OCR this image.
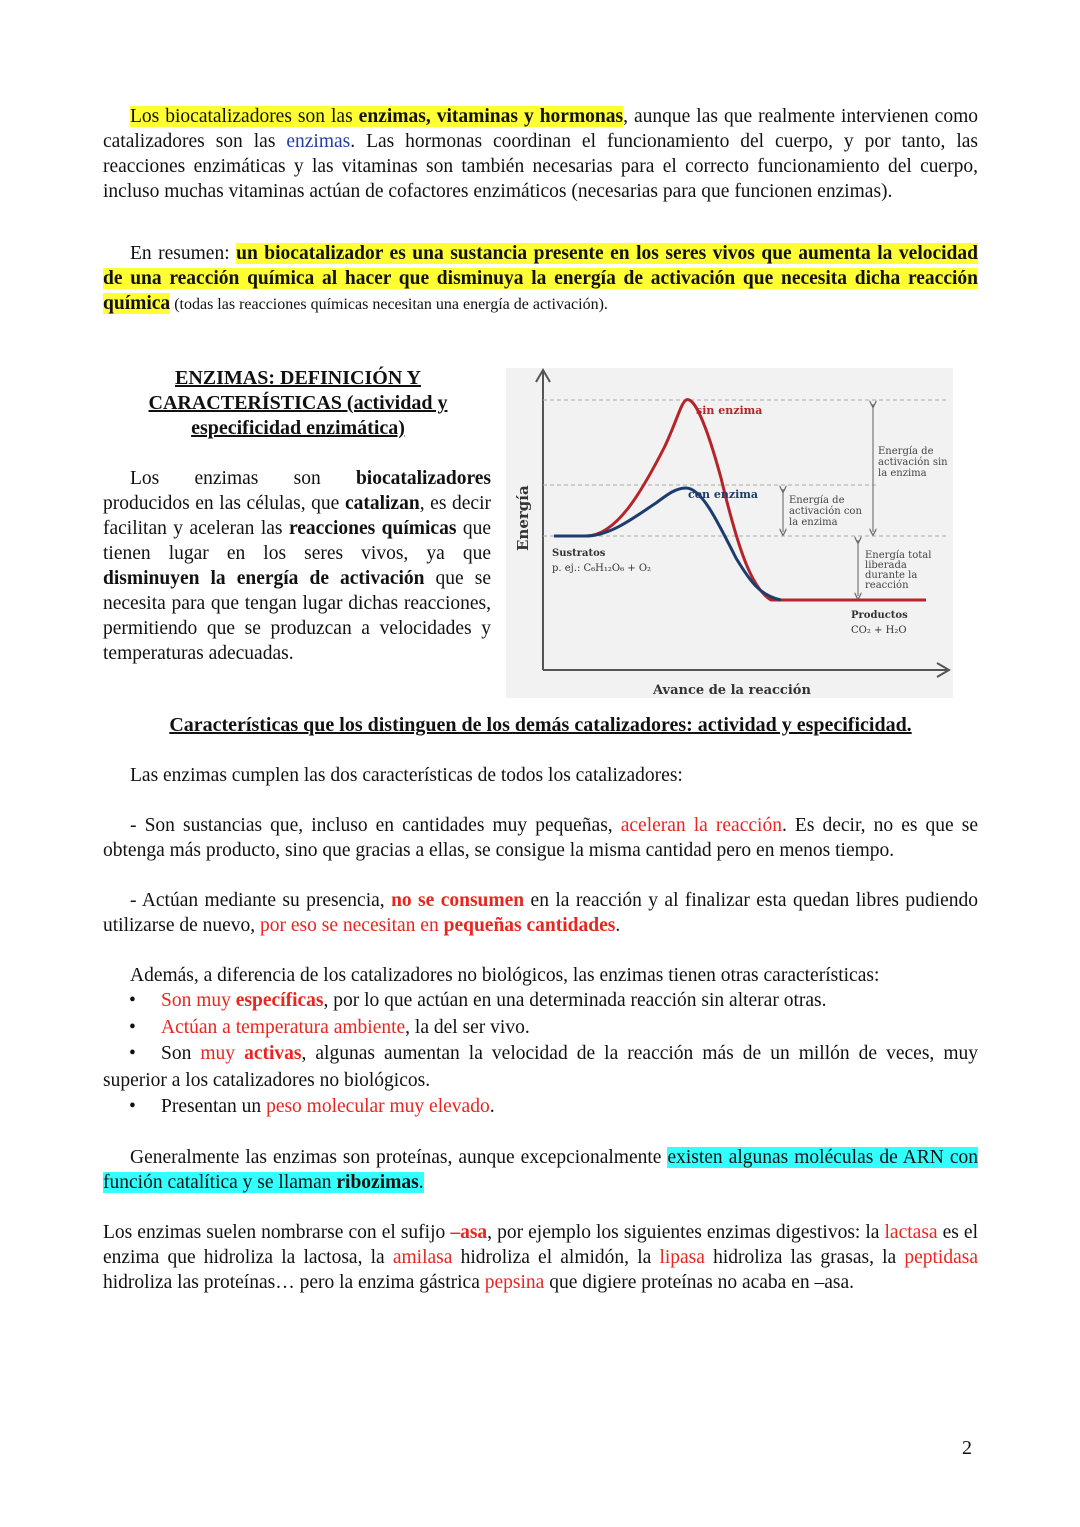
Los biocatalizadores son las enzimas, vitaminas y hormonas, aunque las que realmente intervienen como catalizadores son las enzimas. Las hormonas coordinan el funcionamiento del cuerpo, y por tanto, las reacciones enzimáticas y las vitaminas son también necesarias para el correcto funcionamiento del cuerpo, incluso muchas vitaminas actúan de cofactores enzimáticos (necesarias para que funcionen enzimas).

En resumen: un biocatalizador es una sustancia presente en los seres vivos que aumenta la velocidad de una reacción química al hacer que disminuya la energía de activación que necesita dicha reacción química (todas las reacciones químicas necesitan una energía de activación).

ENZIMAS: DEFINICIÓN Y
CARACTERÍSTICAS (actividad y
especificidad enzimática)

Los enzimas son biocatalizadores producidos en las células, que catalizan, es decir facilitan y aceleran las reacciones químicas que tienen lugar en los seres vivos, ya que disminuyen la energía de activación que se necesita para que tengan lugar dichas reacciones, permitiendo que se produzcan a velocidades y temperaturas adecuadas.

Energía
Avance de la reacción
sin enzima
con enzima
Sustratos
p. ej.: C₆H₁₂O₆ + O₂
Productos
CO₂ + H₂O
Energía de
activación sin
la enzima
Energía de
activación con
la enzima
Energía total
liberada
durante la
reacción

Características que los distinguen de los demás catalizadores: actividad y especificidad.

Las enzimas cumplen las dos características de todos los catalizadores:

- Son sustancias que, incluso en cantidades muy pequeñas, aceleran la reacción. Es decir, no es que se obtenga más producto, sino que gracias a ellas, se consigue la misma cantidad pero en menos tiempo.

- Actúan mediante su presencia, no se consumen en la reacción y al finalizar esta quedan libres pudiendo utilizarse de nuevo, por eso se necesitan en pequeñas cantidades.

Además, a diferencia de los catalizadores no biológicos, las enzimas tienen otras características:

• Son muy específicas, por lo que actúan en una determinada reacción sin alterar otras.
• Actúan a temperatura ambiente, la del ser vivo.
• Son muy activas, algunas aumentan la velocidad de la reacción más de un millón de veces, muy superior a los catalizadores no biológicos.
• Presentan un peso molecular muy elevado.

Generalmente las enzimas son proteínas, aunque excepcionalmente existen algunas moléculas de ARN con función catalítica y se llaman ribozimas.

Los enzimas suelen nombrarse con el sufijo –asa, por ejemplo los siguientes enzimas digestivos: la lactasa es el enzima que hidroliza la lactosa, la amilasa hidroliza el almidón, la lipasa hidroliza las grasas, la peptidasa hidroliza las proteínas… pero la enzima gástrica pepsina que digiere proteínas no acaba en –asa.

2
